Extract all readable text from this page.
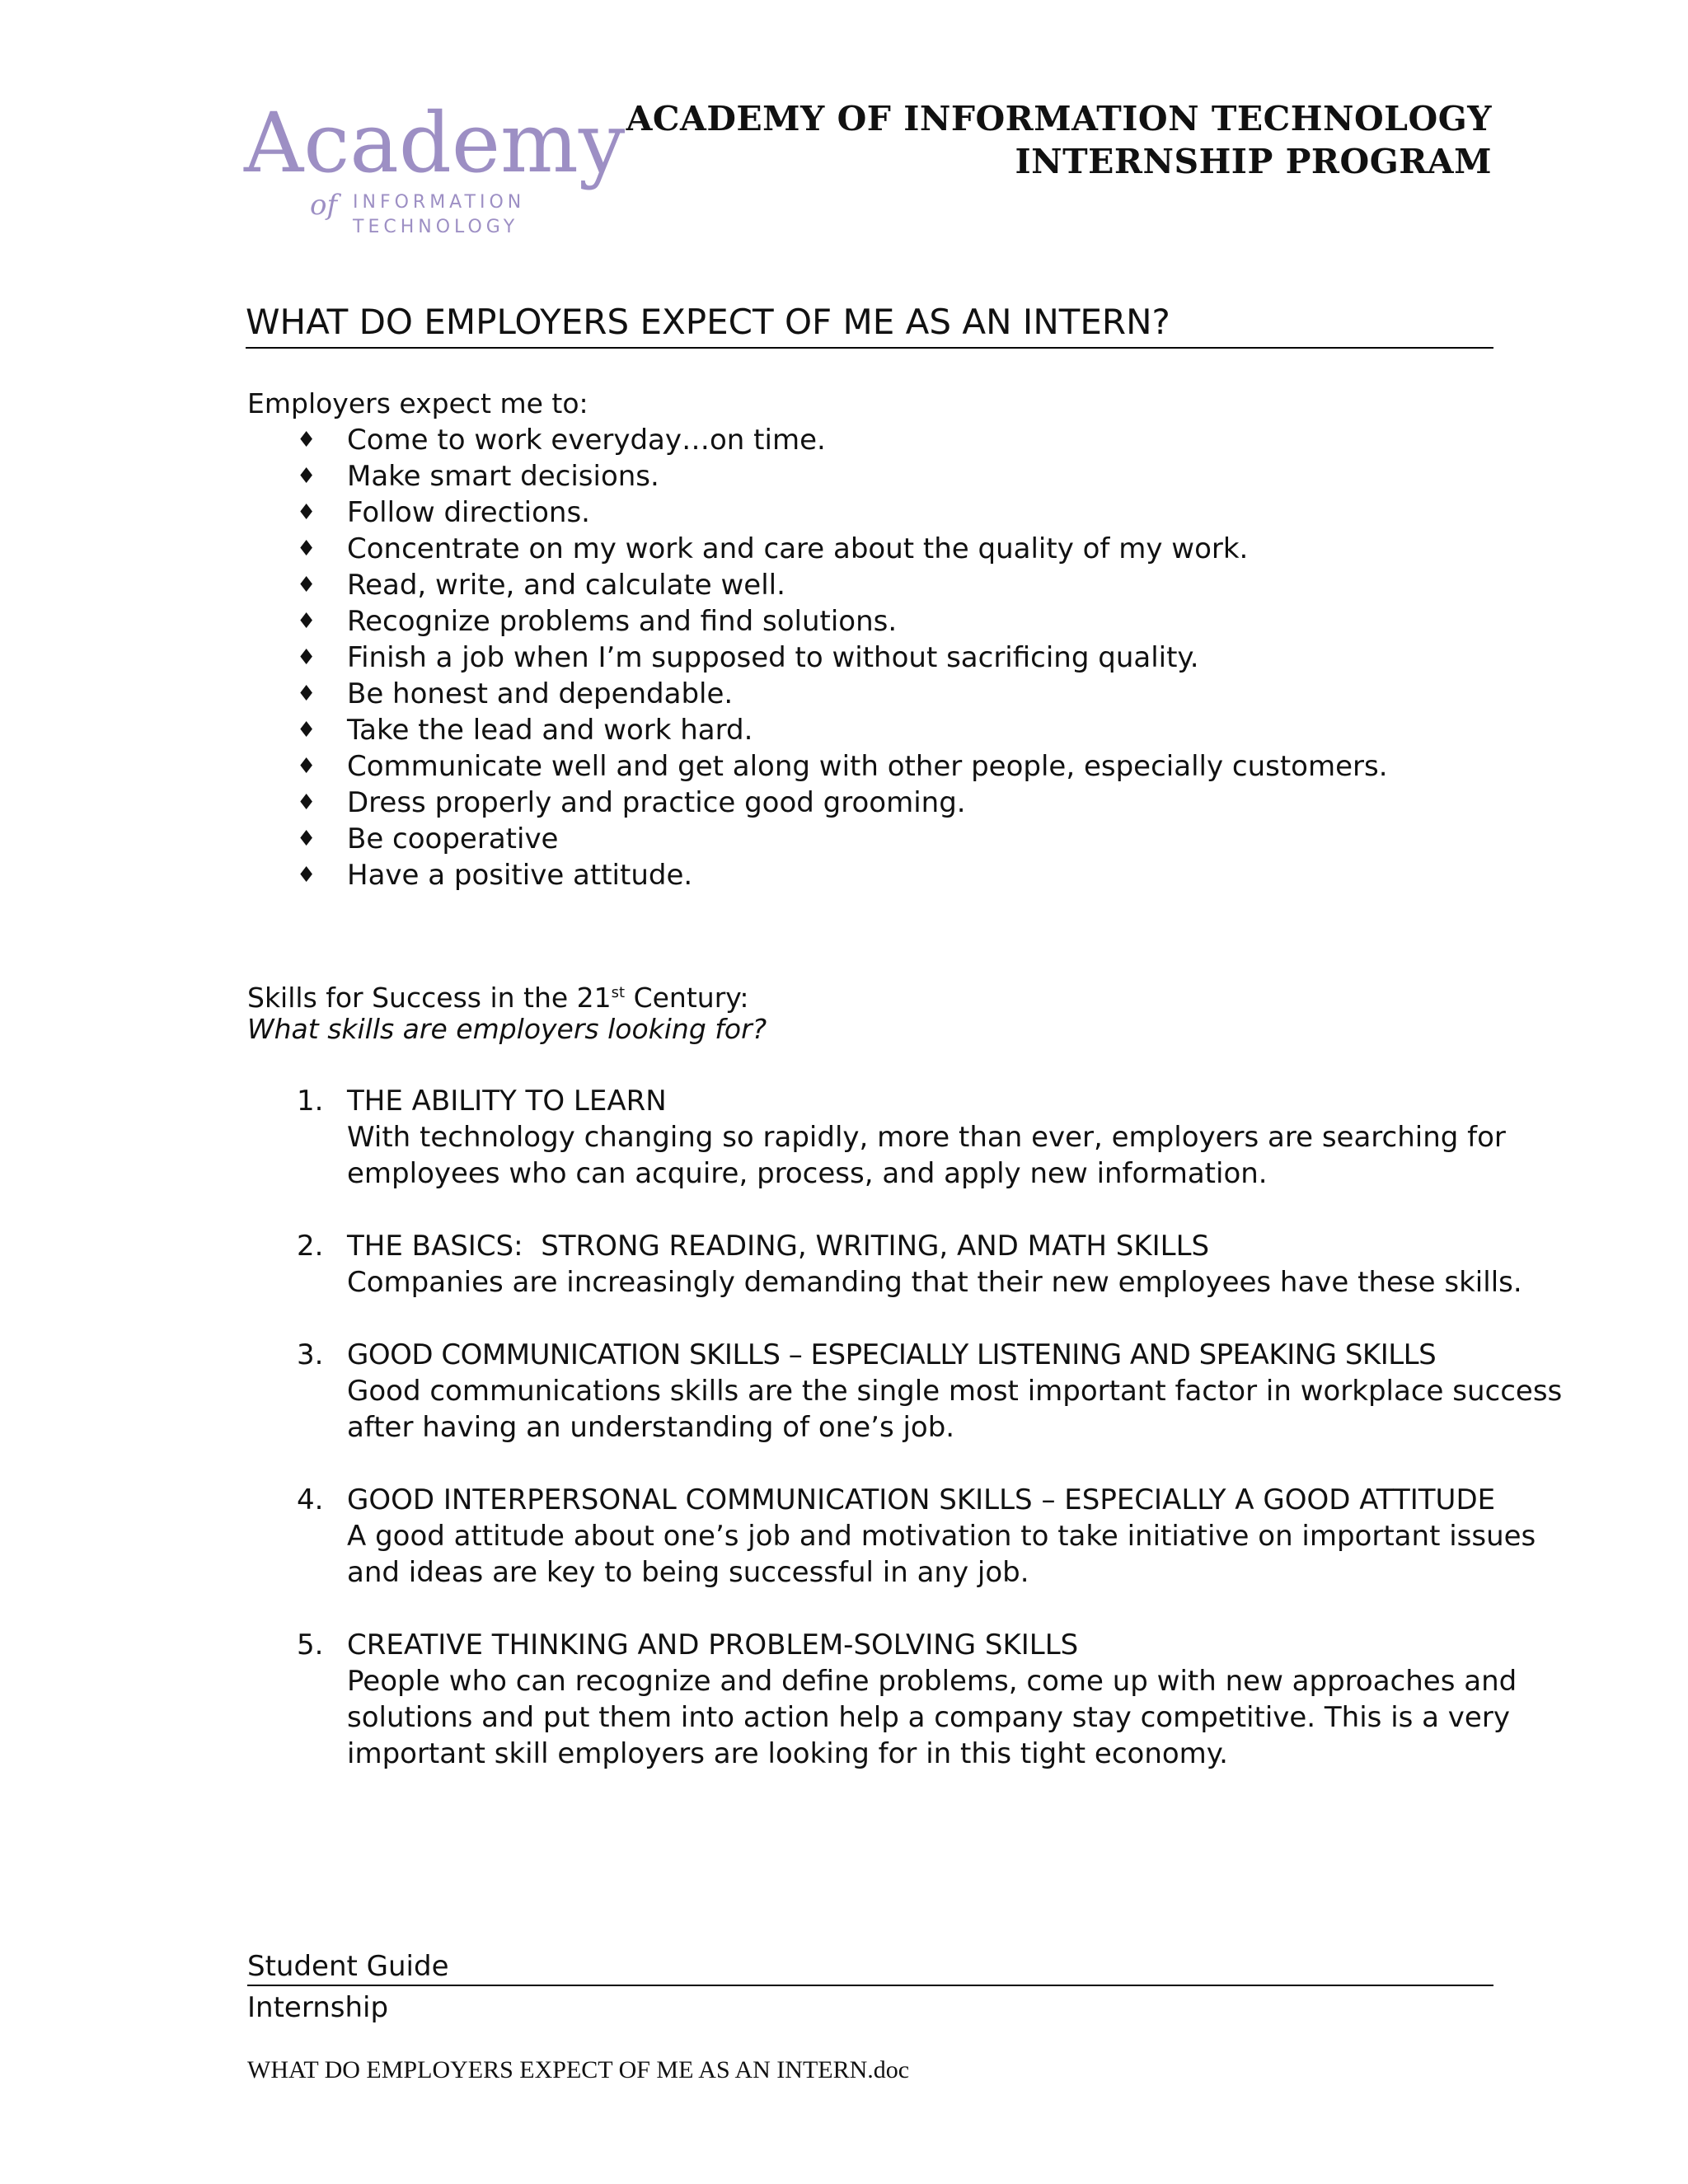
Academy
of INFORMATION
TECHNOLOGY
ACADEMY OF INFORMATION TECHNOLOGY
INTERNSHIP PROGRAM
WHAT DO EMPLOYERS EXPECT OF ME AS AN INTERN?
Employers expect me to:
♦	Come to work everyday…on time.
♦	Make smart decisions.
♦	Follow directions.
♦	Concentrate on my work and care about the quality of my work.
♦	Read, write, and calculate well.
♦	Recognize problems and find solutions.
♦	Finish a job when I’m supposed to without sacrificing quality.
♦	Be honest and dependable.
♦	Take the lead and work hard.
♦	Communicate well and get along with other people, especially customers.
♦	Dress properly and practice good grooming.
♦	Be cooperative
♦	Have a positive attitude.
Skills for Success in the 21st Century:
What skills are employers looking for?
1. THE ABILITY TO LEARN
With technology changing so rapidly, more than ever, employers are searching for
employees who can acquire, process, and apply new information.
2. THE BASICS:  STRONG READING, WRITING, AND MATH SKILLS
Companies are increasingly demanding that their new employees have these skills.
3. GOOD COMMUNICATION SKILLS – ESPECIALLY LISTENING AND SPEAKING SKILLS
Good communications skills are the single most important factor in workplace success
after having an understanding of one’s job.
4. GOOD INTERPERSONAL COMMUNICATION SKILLS – ESPECIALLY A GOOD ATTITUDE
A good attitude about one’s job and motivation to take initiative on important issues
and ideas are key to being successful in any job.
5. CREATIVE THINKING AND PROBLEM-SOLVING SKILLS
People who can recognize and define problems, come up with new approaches and
solutions and put them into action help a company stay competitive. This is a very
important skill employers are looking for in this tight economy.
Student Guide
Internship
WHAT DO EMPLOYERS EXPECT OF ME AS AN INTERN.doc
